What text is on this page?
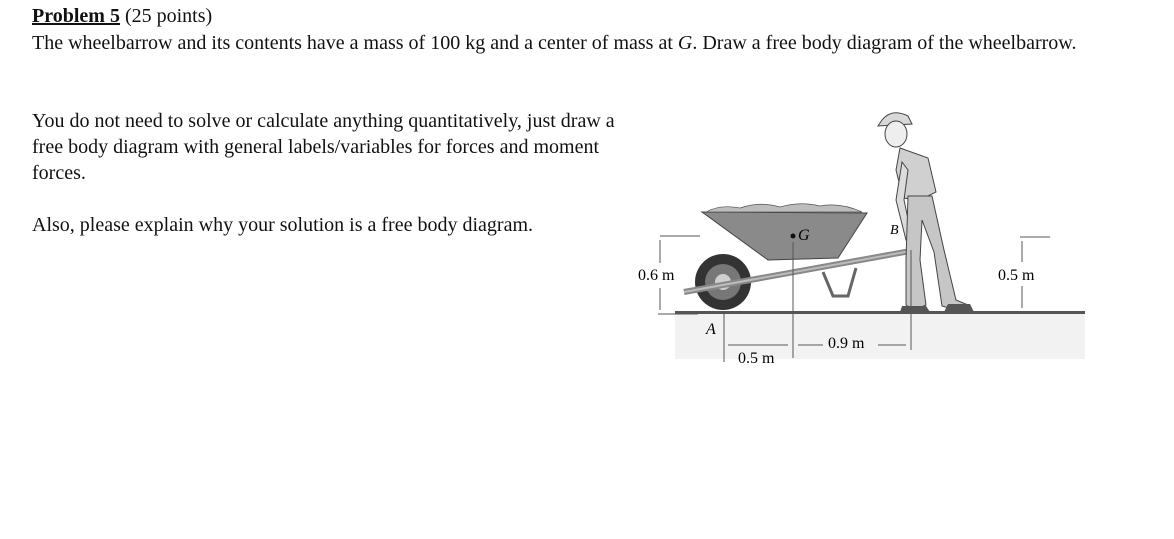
Problem 5 (25 points)
The wheelbarrow and its contents have a mass of 100 kg and a center of mass at G. Draw a free body diagram of the wheelbarrow.
You do not need to solve or calculate anything quantitatively, just draw a free body diagram with general labels/variables for forces and moment forces.
Also, please explain why your solution is a free body diagram.
0.6 m	0.5 m
G	B
A
0.5 m
0.9 m
